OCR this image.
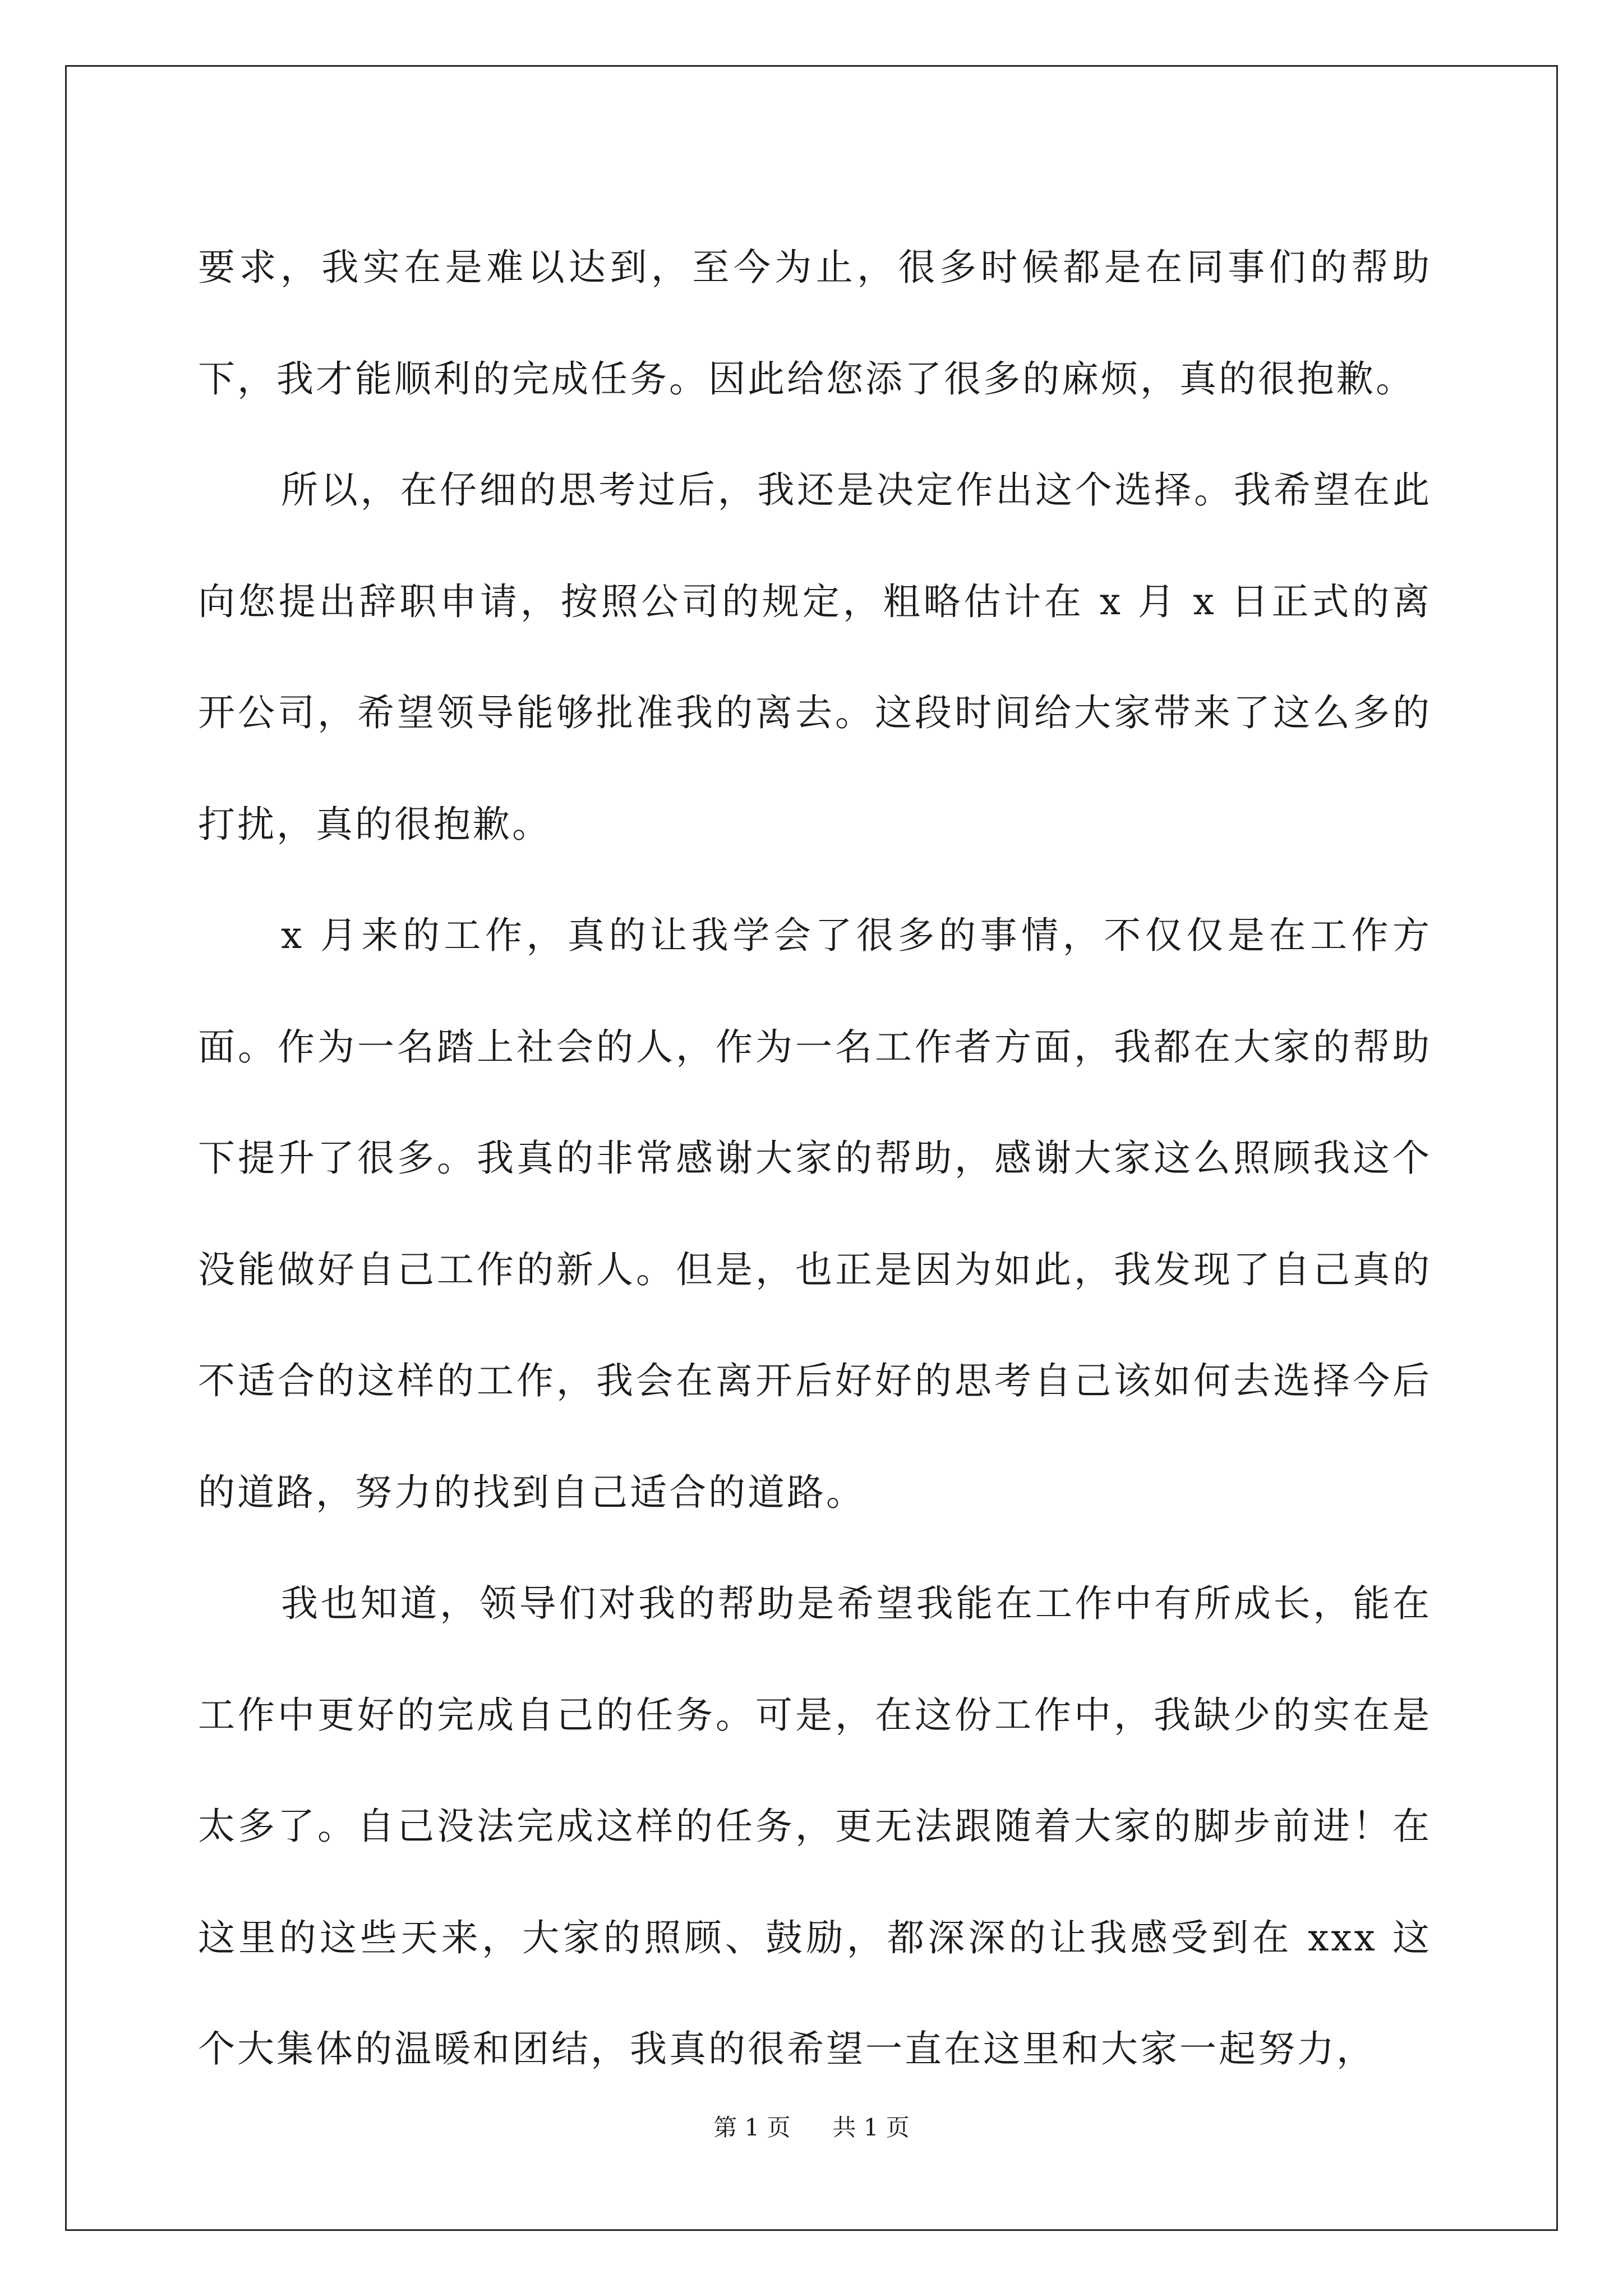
要求，我实在是难以达到，至今为止，很多时候都是在同事们的帮助下，我才能顺利的完成任务。因此给您添了很多的麻烦，真的很抱歉。

所以，在仔细的思考过后，我还是决定作出这个选择。我希望在此向您提出辞职申请，按照公司的规定，粗略估计在 x 月 x 日正式的离开公司，希望领导能够批准我的离去。这段时间给大家带来了这么多的打扰，真的很抱歉。

x 月来的工作，真的让我学会了很多的事情，不仅仅是在工作方面。作为一名踏上社会的人，作为一名工作者方面，我都在大家的帮助下提升了很多。我真的非常感谢大家的帮助，感谢大家这么照顾我这个没能做好自己工作的新人。但是，也正是因为如此，我发现了自己真的不适合的这样的工作，我会在离开后好好的思考自己该如何去选择今后的道路，努力的找到自己适合的道路。

我也知道，领导们对我的帮助是希望我能在工作中有所成长，能在工作中更好的完成自己的任务。可是，在这份工作中，我缺少的实在是太多了。自己没法完成这样的任务，更无法跟随着大家的脚步前进！在这里的这些天来，大家的照顾、鼓励，都深深的让我感受到在 xxx 这个大集体的温暖和团结，我真的很希望一直在这里和大家一起努力，

第 1 页 共 1 页
